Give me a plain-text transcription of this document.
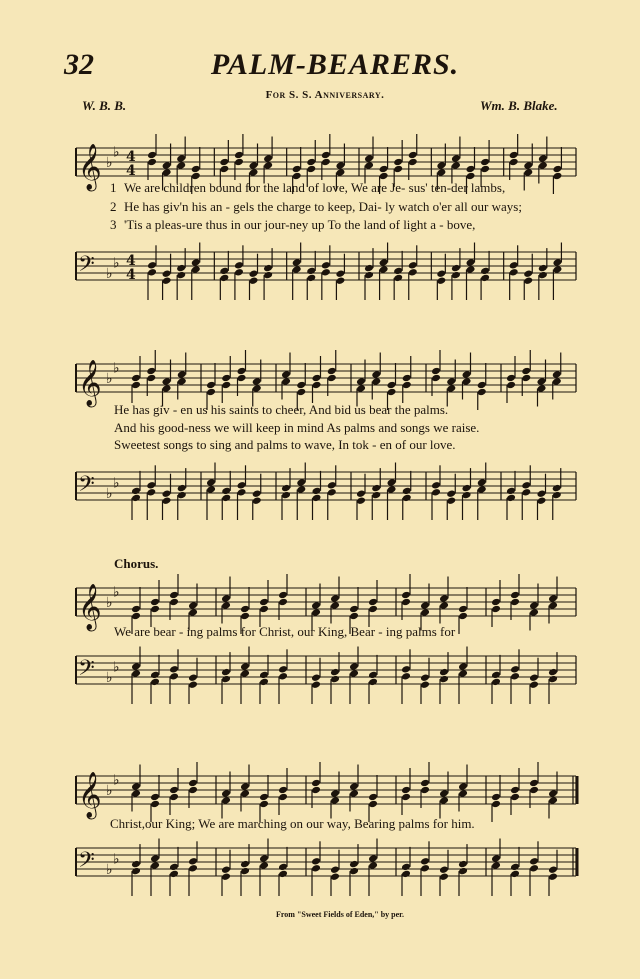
32	PALM-BEARERS.
For S. S. Anniversary.
W. B. B.	Wm. B. Blake.
𝄞 ♭
♭ 4
4
1 We are children bound for the land of love, We are Je- sus' ten-der lambs,
2 He has giv'n his an - gels the charge to keep, Dai- ly watch o'er all our ways;
3 'Tis a pleas-ure thus in our jour-ney up To the land of light a - bove,
𝄢 ♭
♭ 4
4
𝄞 ♭
♭
He has giv - en us his saints to cheer, And bid us bear the palms.
And his good-ness we will keep in mind As palms and songs we raise.
Sweetest songs to sing and palms to wave, In tok - en of our love.
𝄢 ♭
♭
Chorus.
𝄞 ♭
♭
We are bear - ing palms for Christ, our King, Bear - ing palms for
𝄢 ♭
♭
𝄞 ♭
♭
Christ,our King; We are marching on our way, Bearing palms for him.
𝄢 ♭
♭
From "Sweet Fields of Eden," by per.
